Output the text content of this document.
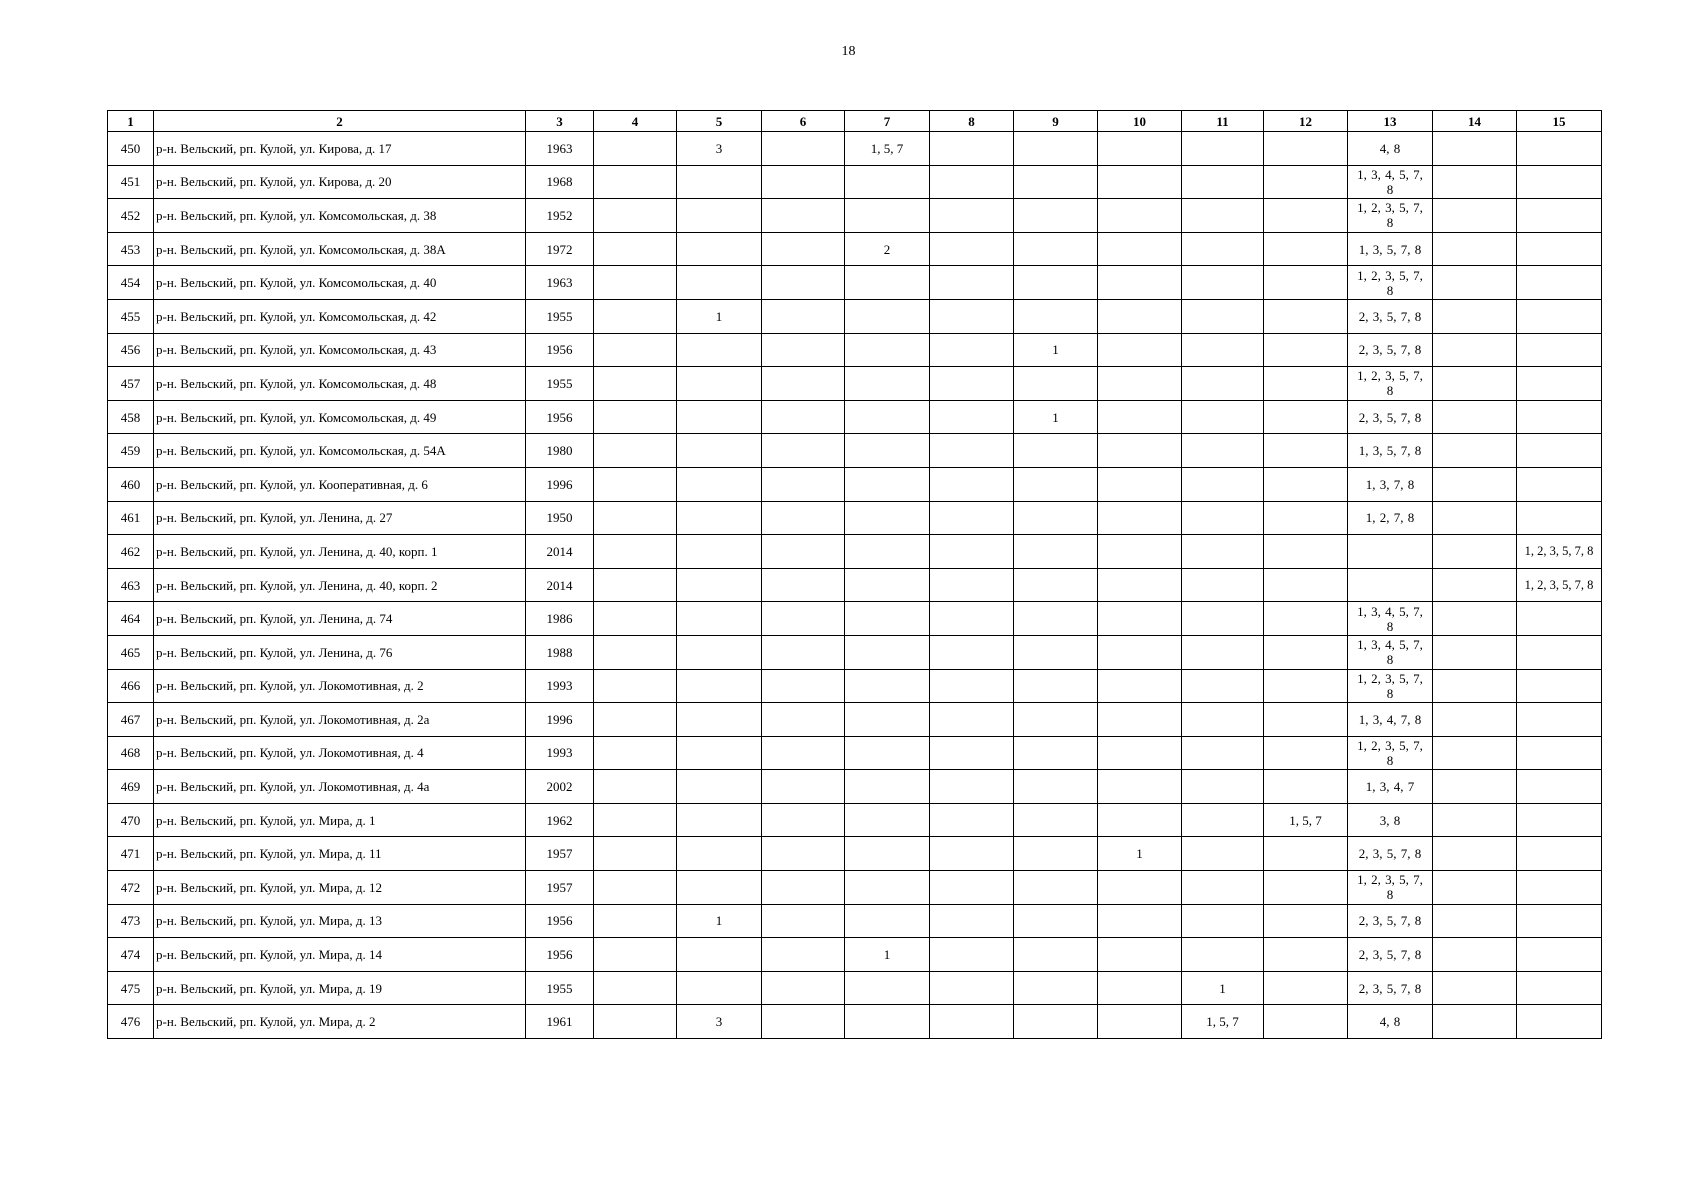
18
1	2	3	4	5	6	7	8	9	10	11	12	13	14	15
450	р-н. Вельский, рп. Кулой, ул. Кирова, д. 17	1963		3		1, 5, 7						4, 8		
451	р-н. Вельский, рп. Кулой, ул. Кирова, д. 20	1968										1, 3, 4, 5, 7, 8		
452	р-н. Вельский, рп. Кулой, ул. Комсомольская, д. 38	1952										1, 2, 3, 5, 7, 8		
453	р-н. Вельский, рп. Кулой, ул. Комсомольская, д. 38А	1972				2						1, 3, 5, 7, 8		
454	р-н. Вельский, рп. Кулой, ул. Комсомольская, д. 40	1963										1, 2, 3, 5, 7, 8		
455	р-н. Вельский, рп. Кулой, ул. Комсомольская, д. 42	1955		1								2, 3, 5, 7, 8		
456	р-н. Вельский, рп. Кулой, ул. Комсомольская, д. 43	1956						1				2, 3, 5, 7, 8		
457	р-н. Вельский, рп. Кулой, ул. Комсомольская, д. 48	1955										1, 2, 3, 5, 7, 8		
458	р-н. Вельский, рп. Кулой, ул. Комсомольская, д. 49	1956						1				2, 3, 5, 7, 8		
459	р-н. Вельский, рп. Кулой, ул. Комсомольская, д. 54А	1980										1, 3, 5, 7, 8		
460	р-н. Вельский, рп. Кулой, ул. Кооперативная, д. 6	1996										1, 3, 7, 8		
461	р-н. Вельский, рп. Кулой, ул. Ленина, д. 27	1950										1, 2, 7, 8		
462	р-н. Вельский, рп. Кулой, ул. Ленина, д. 40, корп. 1	2014												1, 2, 3, 5, 7, 8
463	р-н. Вельский, рп. Кулой, ул. Ленина, д. 40, корп. 2	2014												1, 2, 3, 5, 7, 8
464	р-н. Вельский, рп. Кулой, ул. Ленина, д. 74	1986										1, 3, 4, 5, 7, 8		
465	р-н. Вельский, рп. Кулой, ул. Ленина, д. 76	1988										1, 3, 4, 5, 7, 8		
466	р-н. Вельский, рп. Кулой, ул. Локомотивная, д. 2	1993										1, 2, 3, 5, 7, 8		
467	р-н. Вельский, рп. Кулой, ул. Локомотивная, д. 2а	1996										1, 3, 4, 7, 8		
468	р-н. Вельский, рп. Кулой, ул. Локомотивная, д. 4	1993										1, 2, 3, 5, 7, 8		
469	р-н. Вельский, рп. Кулой, ул. Локомотивная, д. 4а	2002										1, 3, 4, 7		
470	р-н. Вельский, рп. Кулой, ул. Мира, д. 1	1962									1, 5, 7	3, 8		
471	р-н. Вельский, рп. Кулой, ул. Мира, д. 11	1957							1			2, 3, 5, 7, 8		
472	р-н. Вельский, рп. Кулой, ул. Мира, д. 12	1957										1, 2, 3, 5, 7, 8		
473	р-н. Вельский, рп. Кулой, ул. Мира, д. 13	1956		1								2, 3, 5, 7, 8		
474	р-н. Вельский, рп. Кулой, ул. Мира, д. 14	1956				1						2, 3, 5, 7, 8		
475	р-н. Вельский, рп. Кулой, ул. Мира, д. 19	1955								1		2, 3, 5, 7, 8		
476	р-н. Вельский, рп. Кулой, ул. Мира, д. 2	1961		3						1, 5, 7		4, 8		
